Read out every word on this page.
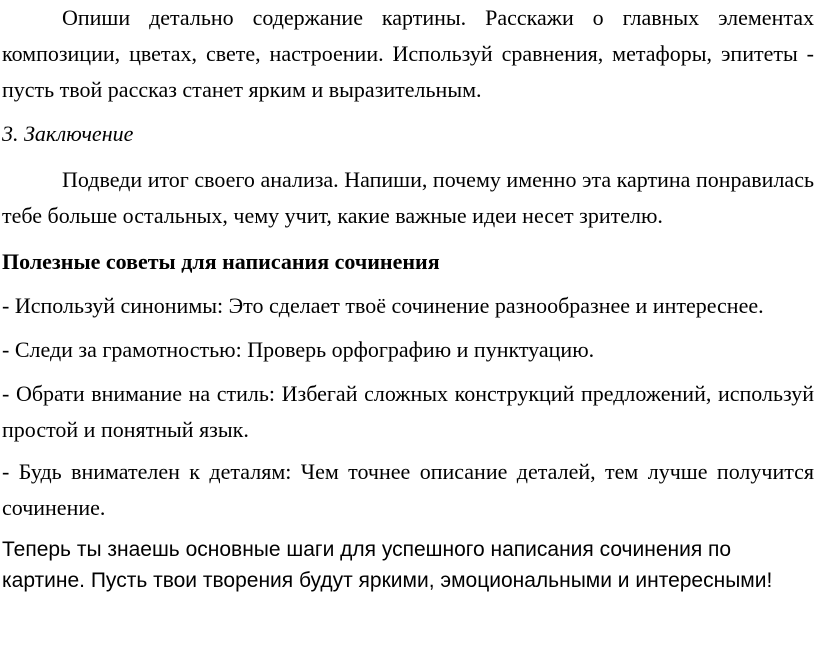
Опиши детально содержание картины. Расскажи о главных элементах композиции, цветах, свете, настроении. Используй сравнения, метафоры, эпитеты - пусть твой рассказ станет ярким и выразительным.

3. Заключение

Подведи итог своего анализа. Напиши, почему именно эта картина понравилась тебе больше остальных, чему учит, какие важные идеи несет зрителю.

Полезные советы для написания сочинения

- Используй синонимы: Это сделает твоё сочинение разнообразнее и интереснее.

- Следи за грамотностью: Проверь орфографию и пунктуацию.

- Обрати внимание на стиль: Избегай сложных конструкций предложений, используй простой и понятный язык.

- Будь внимателен к деталям: Чем точнее описание деталей, тем лучше получится сочинение.

Теперь ты знаешь основные шаги для успешного написания сочинения по картине. Пусть твои творения будут яркими, эмоциональными и интересными!
